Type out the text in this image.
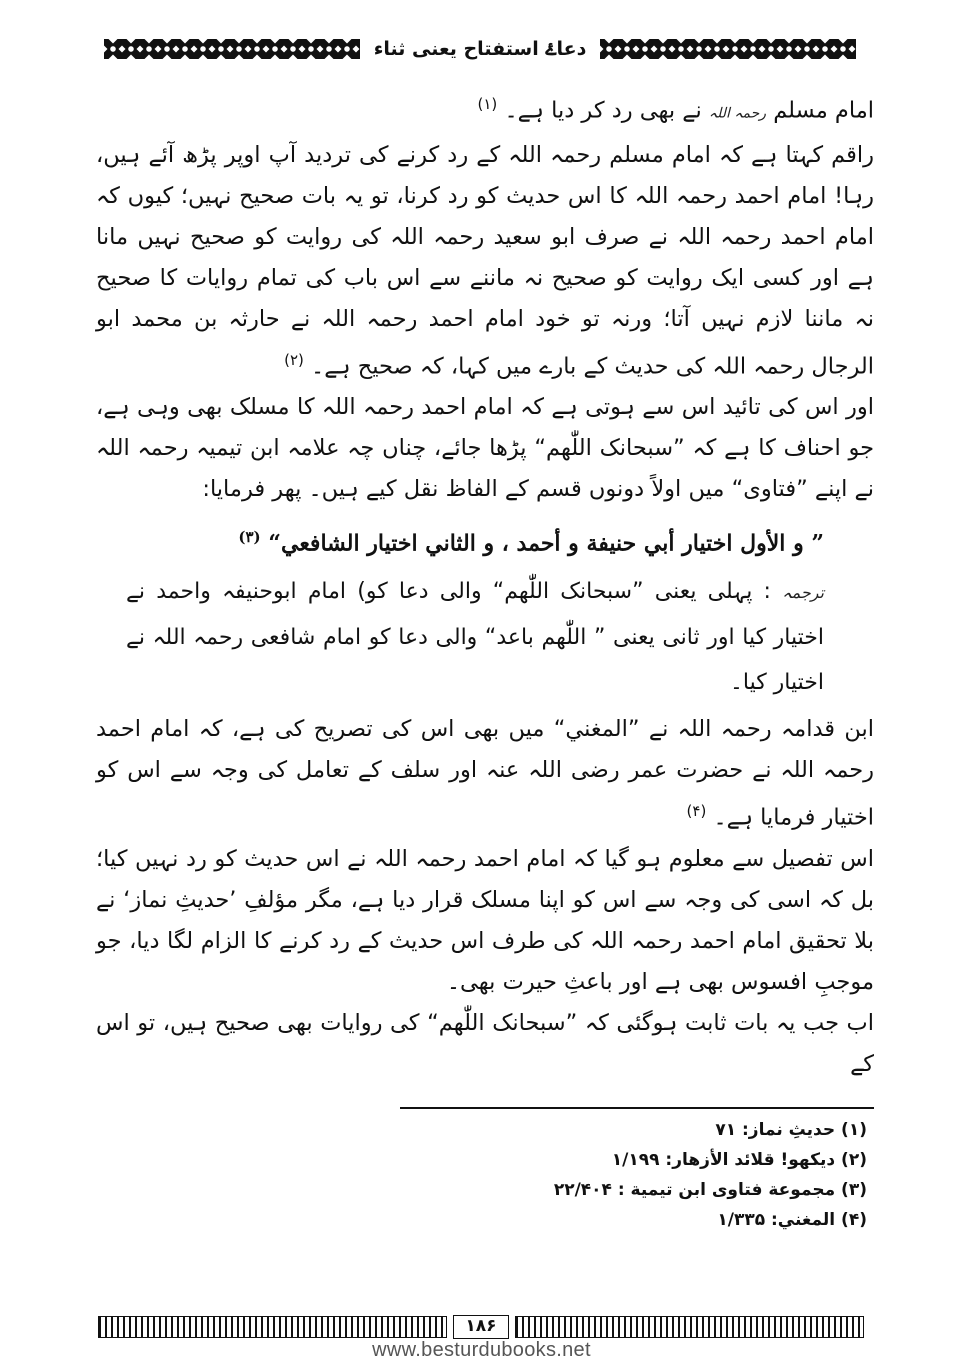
دعاۓ استفتاح یعنی ثناء

امام مسلم رحمہ اللہ نے بھی رد کر دیا ہے۔ $^{(۱)}$

راقم کہتا ہے کہ امام مسلم رحمہ اللہ کے رد کرنے کی تردید آپ اوپر پڑھ آئے ہیں، رہا! امام احمد رحمہ اللہ کا اس حدیث کو رد کرنا، تو یہ بات صحیح نہیں؛ کیوں کہ امام احمد رحمہ اللہ نے صرف ابو سعید رحمہ اللہ کی روایت کو صحیح نہیں مانا ہے اور کسی ایک روایت کو صحیح نہ ماننے سے اس باب کی تمام روایات کا صحیح نہ ماننا لازم نہیں آتا؛ ورنہ تو خود امام احمد رحمہ اللہ نے حارثہ بن محمد ابو الرجال رحمہ اللہ کی حدیث کے بارے میں کہا، کہ صحیح ہے۔ $^{(۲)}$

اور اس کی تائید اس سے ہوتی ہے کہ امام احمد رحمہ اللہ کا مسلک بھی وہی ہے، جو احناف کا ہے کہ ”سبحانک اللّٰھم“ پڑھا جائے، چناں چہ علامہ ابن تیمیہ رحمہ اللہ نے اپنے ”فتاوی“ میں اولاً دونوں قسم کے الفاظ نقل کیے ہیں۔ پھر فرمایا:

” و الأول اختيار أبي حنيفة و أحمد ، و الثاني اختيار الشافعي“ $^{(۳)}$

ترجمہ : پہلی یعنی ”سبحانک اللّٰھم“ والی دعا کو) امام ابوحنیفہ واحمد نے اختیار کیا اور ثانی یعنی ” اللّٰھم باعد“ والی دعا کو امام شافعی رحمہ اللہ نے اختیار کیا۔

ابن قدامہ رحمہ اللہ نے ”المغني“ میں بھی اس کی تصریح کی ہے، کہ امام احمد رحمہ اللہ نے حضرت عمر رضی اللہ عنہ اور سلف کے تعامل کی وجہ سے اس کو اختیار فرمایا ہے۔ $^{(۴)}$

اس تفصیل سے معلوم ہو گیا کہ امام احمد رحمہ اللہ نے اس حدیث کو رد نہیں کیا؛ بل کہ اسی کی وجہ سے اس کو اپنا مسلک قرار دیا ہے، مگر مؤلفِ ’حدیثِ نماز‘ نے بلا تحقیق امام احمد رحمہ اللہ کی طرف اس حدیث کے رد کرنے کا الزام لگا دیا، جو موجبِ افسوس بھی ہے اور باعثِ حیرت بھی۔

اب جب یہ بات ثابت ہوگئی کہ ”سبحانک اللّٰھم“ کی روایات بھی صحیح ہیں، تو اس کے

(۱) حدیثِ نماز: ۷۱

(۲) دیکھو! قلائد الأزهار: ۱/۱۹۹

(۳) مجموعة فتاوى ابن تيمية : ۲۲/۴۰۴

(۴) المغني: ۱/۳۳۵

۱۸۶
www.besturdubooks.net
